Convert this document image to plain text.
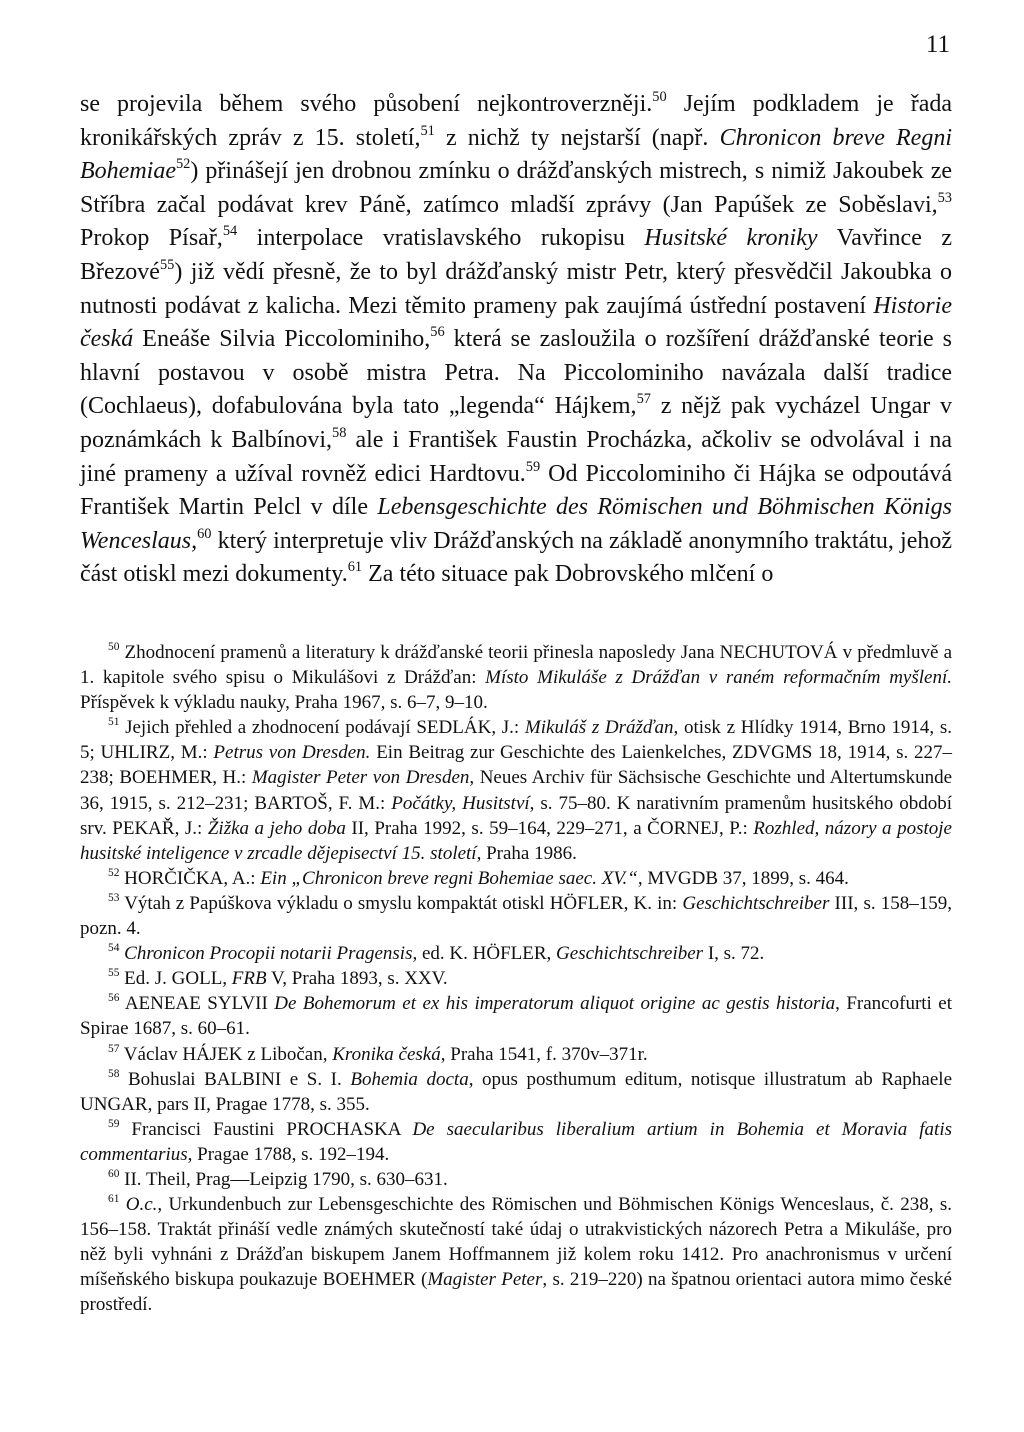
11
se projevila během svého působení nejkontroverzněji.$^{50}$ Jejím podkladem je řada kronikářských zpráv z 15. století,$^{51}$ z nichž ty nejstarší (např. Chronicon breve Regni Bohemiae$^{52}$) přinášejí jen drobnou zmínku o drážďanských mistrech, s nimiž Jakoubek ze Stříbra začal podávat krev Páně, zatímco mladší zprávy (Jan Papúšek ze Soběslavi,$^{53}$ Prokop Písař,$^{54}$ interpolace vratislavského rukopisu Husitské kroniky Vavřince z Březové$^{55}$) již vědí přesně, že to byl drážďanský mistr Petr, který přesvědčil Jakoubka o nutnosti podávat z kalicha. Mezi těmito prameny pak zaujímá ústřední postavení Historie česká Eneáše Silvia Piccolominiho,$^{56}$ která se zasloužila o rozšíření drážďanské teorie s hlavní postavou v osobě mistra Petra. Na Piccolominiho navázala další tradice (Cochlaeus), dofabulována byla tato „legenda“ Hájkem,$^{57}$ z nějž pak vycházel Ungar v poznámkách k Balbínovi,$^{58}$ ale i František Faustin Procházka, ačkoliv se odvolával i na jiné prameny a užíval rovněž edici Hardtovu.$^{59}$ Od Piccolominiho či Hájka se odpoutává František Martin Pelcl v díle Lebensgeschichte des Römischen und Böhmischen Königs Wenceslaus,$^{60}$ který interpretuje vliv Drážďanských na základě anonymního traktátu, jehož část otiskl mezi dokumenty.$^{61}$ Za této situace pak Dobrovského mlčení o

$^{50}$ Zhodnocení pramenů a literatury k drážďanské teorii přinesla naposledy Jana NECHUTOVÁ v předmluvě a 1. kapitole svého spisu o Mikulášovi z Drážďan: Místo Mikuláše z Drážďan v raném reformačním myšlení. Příspěvek k výkladu nauky, Praha 1967, s. 6–7, 9–10.

$^{51}$ Jejich přehled a zhodnocení podávají SEDLÁK, J.: Mikuláš z Drážďan, otisk z Hlídky 1914, Brno 1914, s. 5; UHLIRZ, M.: Petrus von Dresden. Ein Beitrag zur Geschichte des Laienkelches, ZDVGMS 18, 1914, s. 227–238; BOEHMER, H.: Magister Peter von Dresden, Neues Archiv für Sächsische Geschichte und Altertumskunde 36, 1915, s. 212–231; BARTOŠ, F. M.: Počátky, Husitství, s. 75–80. K narativním pramenům husitského období srv. PEKAŘ, J.: Žižka a jeho doba II, Praha 1992, s. 59–164, 229–271, a ČORNEJ, P.: Rozhled, názory a postoje husitské inteligence v zrcadle dějepisectví 15. století, Praha 1986.

$^{52}$ HORČIČKA, A.: Ein „Chronicon breve regni Bohemiae saec. XV.“, MVGDB 37, 1899, s. 464.

$^{53}$ Výtah z Papúškova výkladu o smyslu kompaktát otiskl HÖFLER, K. in: Geschichtschreiber III, s. 158–159, pozn. 4.

$^{54}$ Chronicon Procopii notarii Pragensis, ed. K. HÖFLER, Geschichtschreiber I, s. 72.

$^{55}$ Ed. J. GOLL, FRB V, Praha 1893, s. XXV.

$^{56}$ AENEAE SYLVII De Bohemorum et ex his imperatorum aliquot origine ac gestis historia, Francofurti et Spirae 1687, s. 60–61.

$^{57}$ Václav HÁJEK z Libočan, Kronika česká, Praha 1541, f. 370v–371r.

$^{58}$ Bohuslai BALBINI e S. I. Bohemia docta, opus posthumum editum, notisque illustratum ab Raphaele UNGAR, pars II, Pragae 1778, s. 355.

$^{59}$ Francisci Faustini PROCHASKA De saecularibus liberalium artium in Bohemia et Moravia fatis commentarius, Pragae 1788, s. 192–194.

$^{60}$ II. Theil, Prag—Leipzig 1790, s. 630–631.

$^{61}$ O.c., Urkundenbuch zur Lebensgeschichte des Römischen und Böhmischen Königs Wenceslaus, č. 238, s. 156–158. Traktát přináší vedle známých skutečností také údaj o utrakvistických názorech Petra a Mikuláše, pro něž byli vyhnáni z Drážďan biskupem Janem Hoffmannem již kolem roku 1412. Pro anachronismus v určení míšeňského biskupa poukazuje BOEHMER (Magister Peter, s. 219–220) na špatnou orientaci autora mimo české prostředí.
